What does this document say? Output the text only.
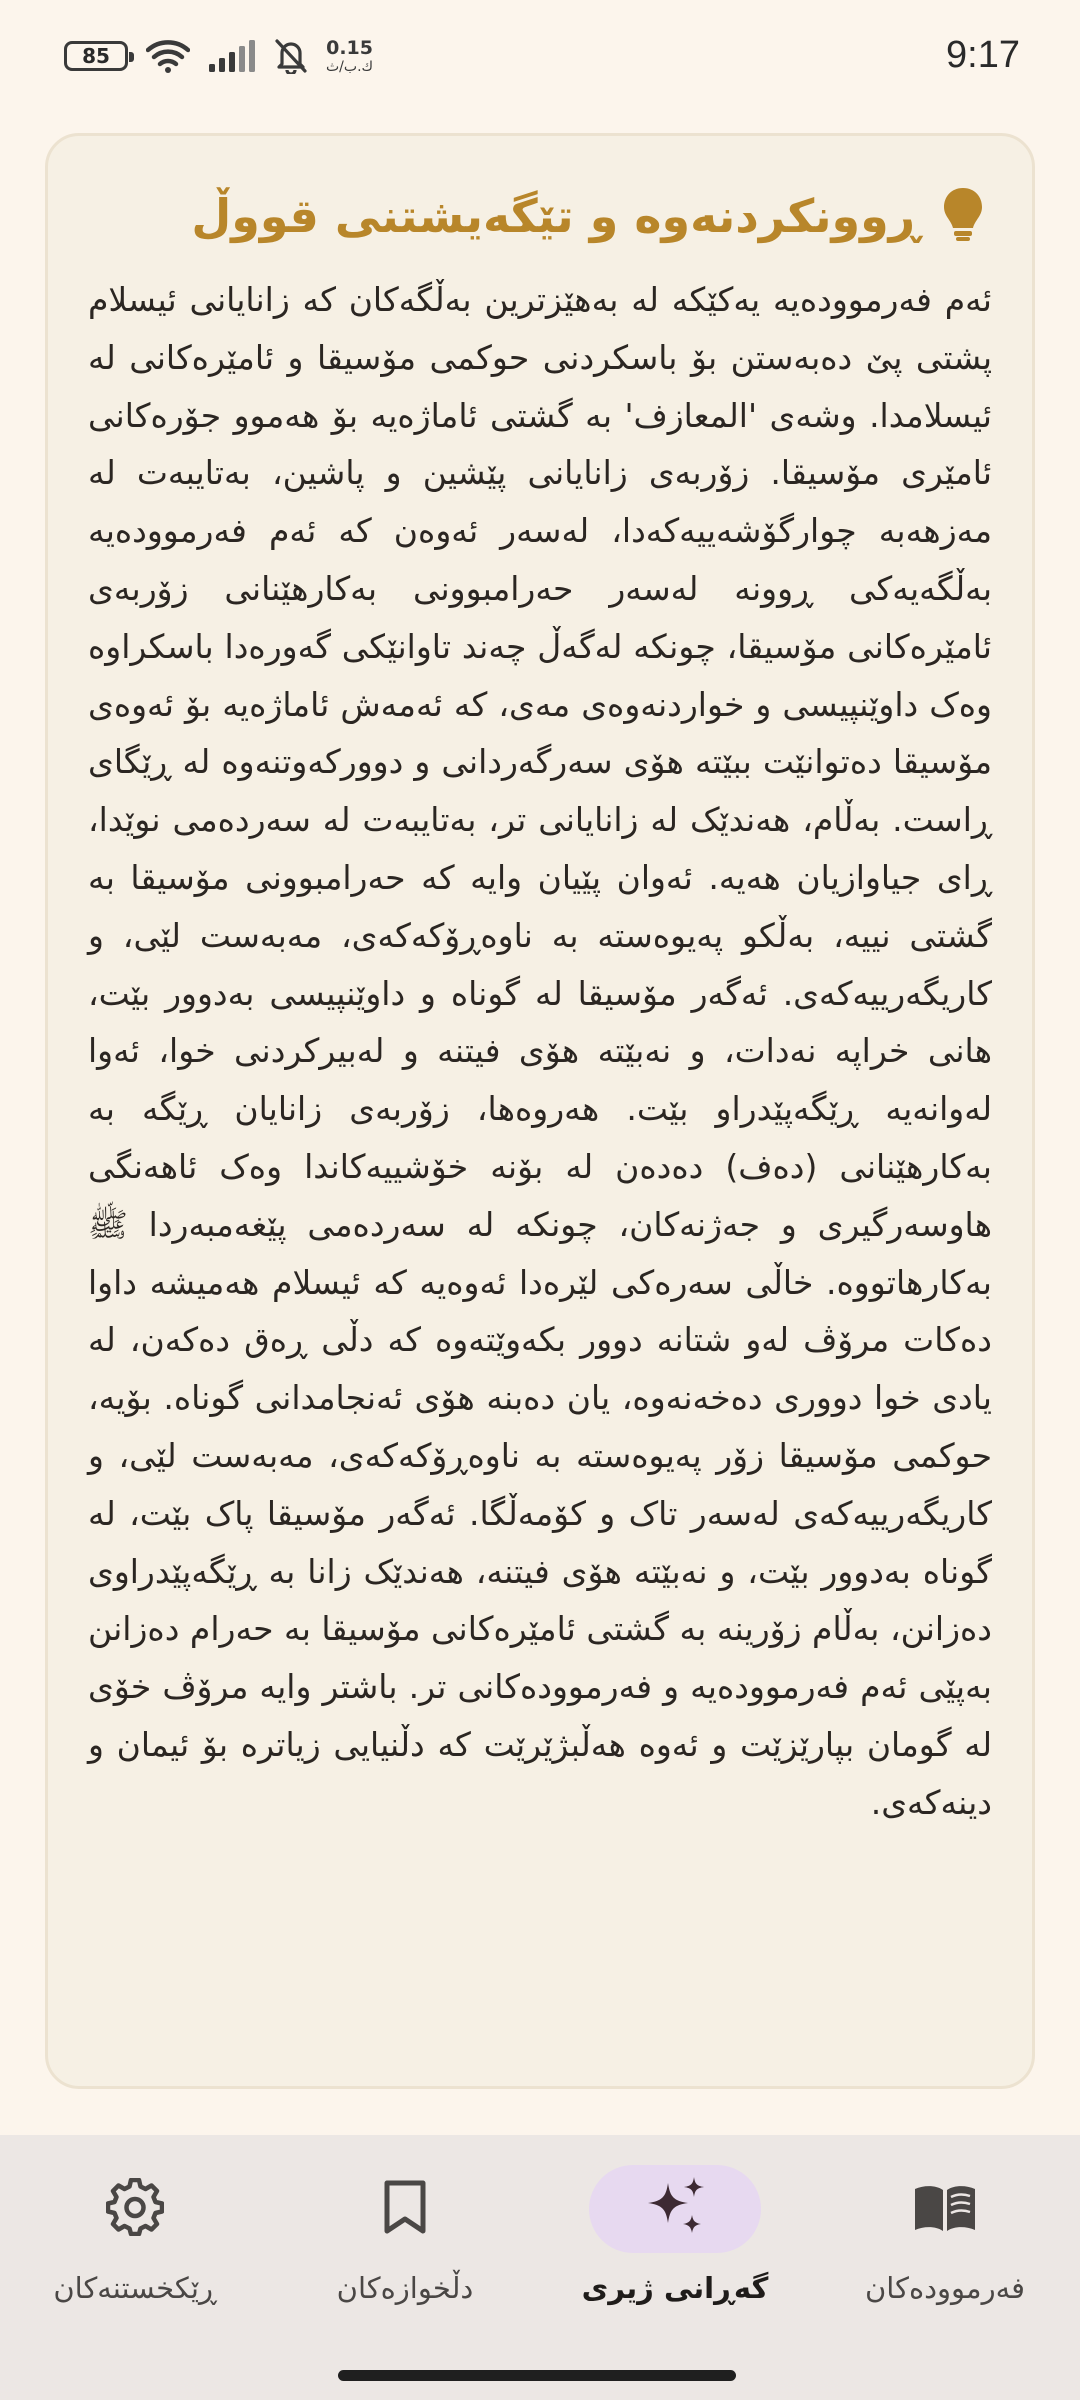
85	0.15
ك.ب/ث	9:17
ڕوونکردنەوە و تێگەیشتنی قووڵ

ئەم فەرموودەیە یەکێکە لە بەهێزترین بەڵگەکان کە زانایانی ئیسلام پشتی پێ دەبەستن بۆ باسکردنی حوکمی مۆسیقا و ئامێرەکانی لە ئیسلامدا. وشەی 'المعازف' بە گشتی ئاماژەیە بۆ هەموو جۆرەکانی ئامێری مۆسیقا. زۆربەی زانایانی پێشین و پاشین، بەتایبەت لە مەزهەبە چوارگۆشەییەکەدا، لەسەر ئەوەن کە ئەم فەرموودەیە بەڵگەیەکی ڕوونە لەسەر حەرامبوونی بەکارهێنانی زۆربەی ئامێرەکانی مۆسیقا، چونکە لەگەڵ چەند تاوانێکی گەورەدا باسکراوە وەک داوێنپیسی و خواردنەوەی مەی، کە ئەمەش ئاماژەیە بۆ ئەوەی مۆسیقا دەتوانێت ببێتە هۆی سەرگەردانی و دوورکەوتنەوە لە ڕێگای ڕاست. بەڵام، هەندێک لە زانایانی تر، بەتایبەت لە سەردەمی نوێدا، ڕای جیاوازیان هەیە. ئەوان پێیان وایە کە حەرامبوونی مۆسیقا بە گشتی نییە، بەڵکو پەیوەستە بە ناوەڕۆکەکەی، مەبەست لێی، و کاریگەرییەکەی. ئەگەر مۆسیقا لە گوناه و داوێنپیسی بەدوور بێت، هانی خراپە نەدات، و نەبێتە هۆی فیتنە و لەبیرکردنی خوا، ئەوا لەوانەیە ڕێگەپێدراو بێت. هەروەها، زۆربەی زانایان ڕێگە بە بەکارهێنانی (دەف) دەدەن لە بۆنە خۆشییەکاندا وەک ئاهەنگی هاوسەرگیری و جەژنەکان، چونکە لە سەردەمی پێغەمبەردا ﷺ بەکارهاتووە. خاڵی سەرەکی لێرەدا ئەوەیە کە ئیسلام هەمیشە داوا دەکات مرۆڤ لەو شتانە دوور بکەوێتەوە کە دڵی ڕەق دەکەن، لە یادی خوا دووری دەخەنەوە، یان دەبنە هۆی ئەنجامدانی گوناه. بۆیە، حوکمی مۆسیقا زۆر پەیوەستە بە ناوەڕۆکەکەی، مەبەست لێی، و کاریگەرییەکەی لەسەر تاک و کۆمەڵگا. ئەگەر مۆسیقا پاک بێت، لە گوناه بەدوور بێت، و نەبێتە هۆی فیتنە، هەندێک زانا بە ڕێگەپێدراوی دەزانن، بەڵام زۆرینە بە گشتی ئامێرەکانی مۆسیقا بە حەرام دەزانن بەپێی ئەم فەرموودەیە و فەرموودەکانی تر. باشتر وایە مرۆڤ خۆی لە گومان بپارێزێت و ئەوە هەڵبژێرێت کە دڵنیایی زیاترە بۆ ئیمان و دینەکەی.

ڕێکخستنەکان	دڵخوازەکان	گەڕانی ژیری	فەرموودەکان
